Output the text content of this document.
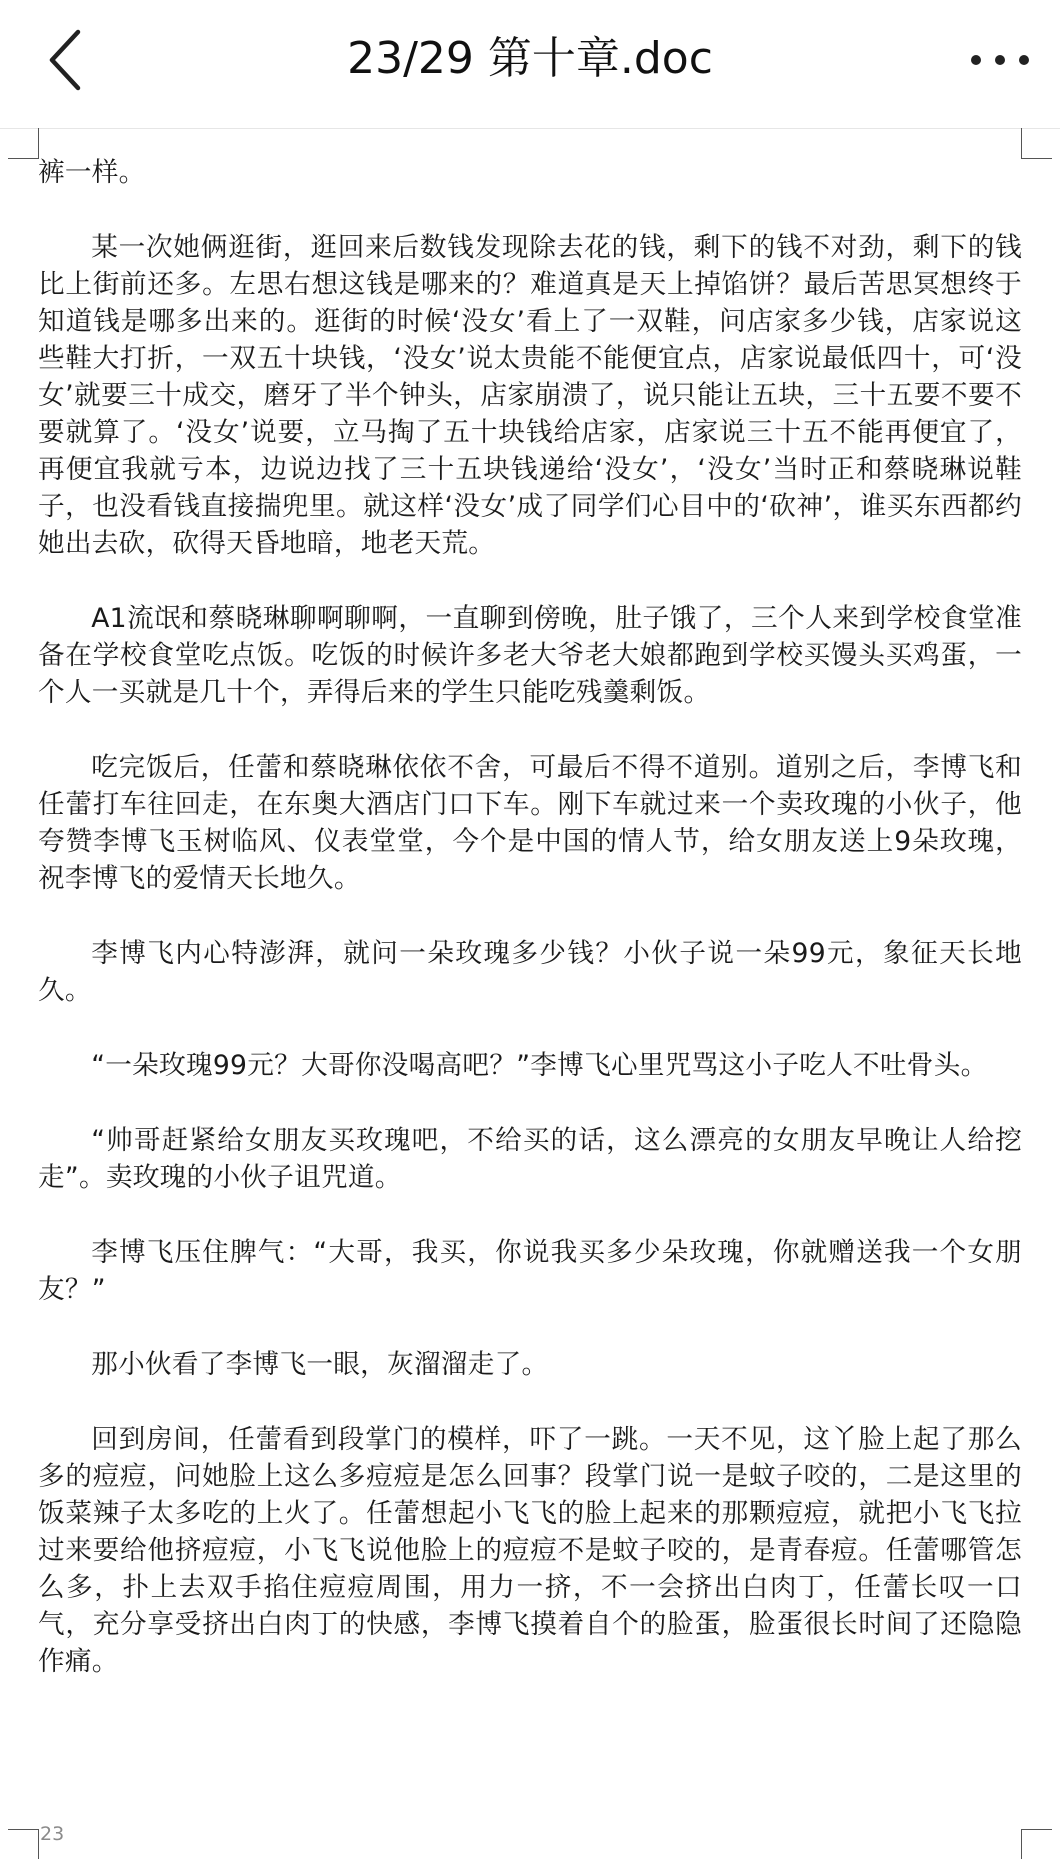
23/29 第十章.doc

裤一样。

某一次她俩逛街，逛回来后数钱发现除去花的钱，剩下的钱不对劲，剩下的钱比上街前还多。左思右想这钱是哪来的？难道真是天上掉馅饼？最后苦思冥想终于知道钱是哪多出来的。逛街的时候‘没女’看上了一双鞋，问店家多少钱，店家说这些鞋大打折，一双五十块钱，‘没女’说太贵能不能便宜点，店家说最低四十，可‘没女’就要三十成交，磨牙了半个钟头，店家崩溃了，说只能让五块，三十五要不要不要就算了。‘没女’说要，立马掏了五十块钱给店家，店家说三十五不能再便宜了，再便宜我就亏本，边说边找了三十五块钱递给‘没女’，‘没女’当时正和蔡晓琳说鞋子，也没看钱直接揣兜里。就这样‘没女’成了同学们心目中的‘砍神’，谁买东西都约她出去砍，砍得天昏地暗，地老天荒。

A1流氓和蔡晓琳聊啊聊啊，一直聊到傍晚，肚子饿了，三个人来到学校食堂准备在学校食堂吃点饭。吃饭的时候许多老大爷老大娘都跑到学校买馒头买鸡蛋，一个人一买就是几十个，弄得后来的学生只能吃残羹剩饭。

吃完饭后，任蕾和蔡晓琳依依不舍，可最后不得不道别。道别之后，李博飞和任蕾打车往回走，在东奥大酒店门口下车。刚下车就过来一个卖玫瑰的小伙子，他夸赞李博飞玉树临风、仪表堂堂，今个是中国的情人节，给女朋友送上9朵玫瑰，祝李博飞的爱情天长地久。

李博飞内心特澎湃，就问一朵玫瑰多少钱？小伙子说一朵99元，象征天长地久。

“一朵玫瑰99元？大哥你没喝高吧？”李博飞心里咒骂这小子吃人不吐骨头。

“帅哥赶紧给女朋友买玫瑰吧，不给买的话，这么漂亮的女朋友早晚让人给挖走”。卖玫瑰的小伙子诅咒道。

李博飞压住脾气：“大哥，我买，你说我买多少朵玫瑰，你就赠送我一个女朋友？”

那小伙看了李博飞一眼，灰溜溜走了。

回到房间，任蕾看到段掌门的模样，吓了一跳。一天不见，这丫脸上起了那么多的痘痘，问她脸上这么多痘痘是怎么回事？段掌门说一是蚊子咬的，二是这里的饭菜辣子太多吃的上火了。任蕾想起小飞飞的脸上起来的那颗痘痘，就把小飞飞拉过来要给他挤痘痘，小飞飞说他脸上的痘痘不是蚊子咬的，是青春痘。任蕾哪管怎么多，扑上去双手掐住痘痘周围，用力一挤，不一会挤出白肉丁，任蕾长叹一口气，充分享受挤出白肉丁的快感，李博飞摸着自个的脸蛋，脸蛋很长时间了还隐隐作痛。

23
